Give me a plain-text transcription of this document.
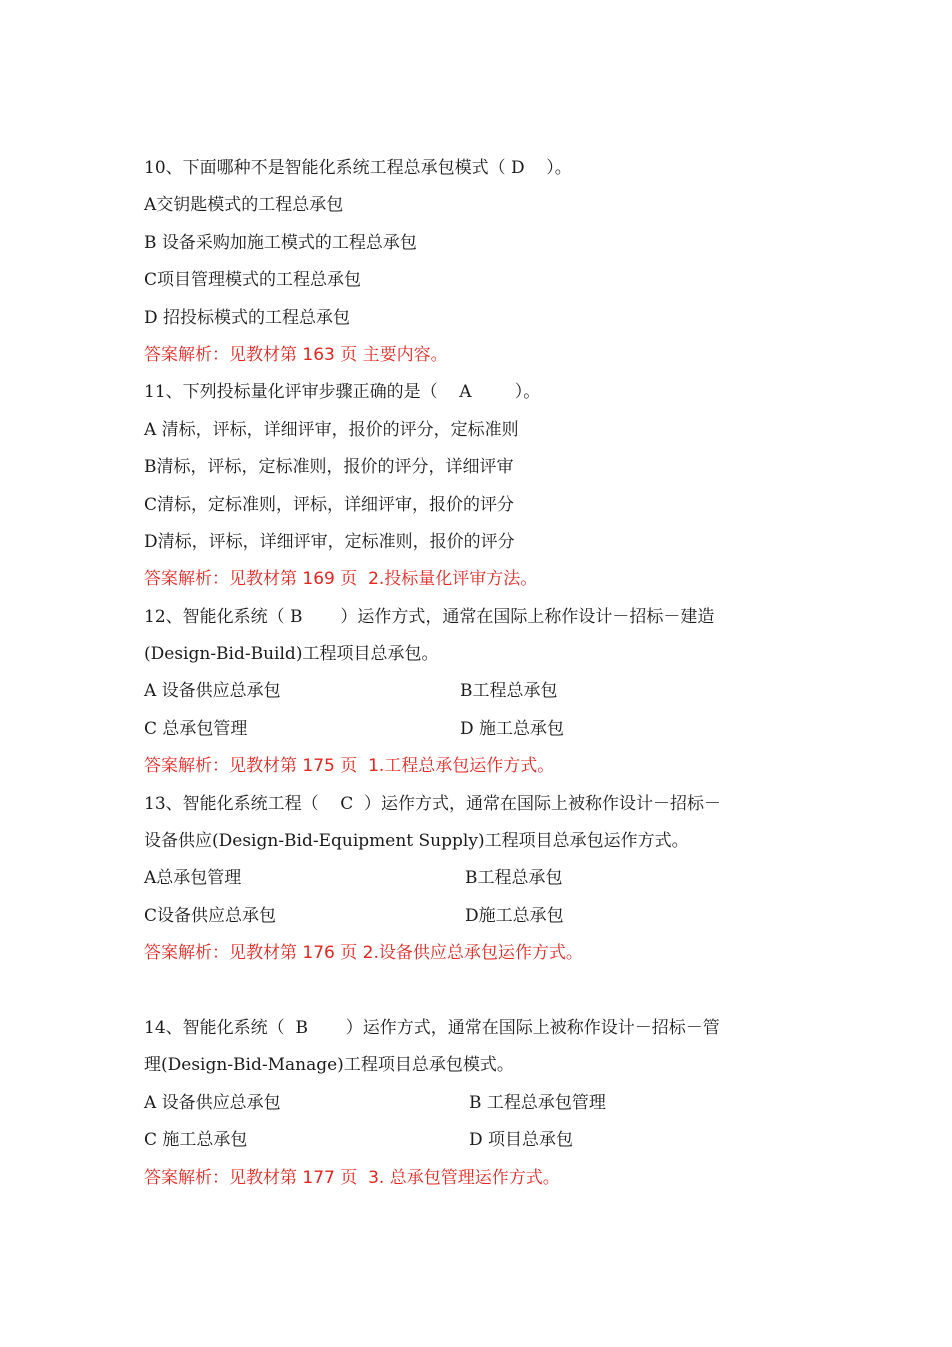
10、下面哪种不是智能化系统工程总承包模式（ D    ）。
A交钥匙模式的工程总承包
B 设备采购加施工模式的工程总承包
C项目管理模式的工程总承包
D 招投标模式的工程总承包
答案解析：见教材第 163 页 主要内容。
11、下列投标量化评审步骤正确的是（    A        ）。
A 清标，评标，详细评审，报价的评分，定标准则
B清标，评标，定标准则，报价的评分，详细评审
C清标，定标准则，评标，详细评审，报价的评分
D清标，评标，详细评审，定标准则，报价的评分
答案解析：见教材第 169 页  2.投标量化评审方法。
12、智能化系统（ B       ）运作方式，通常在国际上称作设计－招标－建造
(Design-Bid-Build)工程项目总承包。
A 设备供应总承包	B工程总承包
C 总承包管理	D 施工总承包
答案解析：见教材第 175 页  1.工程总承包运作方式。
13、智能化系统工程（    C  ）运作方式，通常在国际上被称作设计－招标－
设备供应(Design-Bid-Equipment Supply)工程项目总承包运作方式。
A总承包管理	B工程总承包
C设备供应总承包	D施工总承包
答案解析：见教材第 176 页 2.设备供应总承包运作方式。
14、智能化系统（  B       ）运作方式，通常在国际上被称作设计－招标－管
理(Design-Bid-Manage)工程项目总承包模式。
A 设备供应总承包	B 工程总承包管理
C 施工总承包	D 项目总承包
答案解析：见教材第 177 页  3. 总承包管理运作方式。
